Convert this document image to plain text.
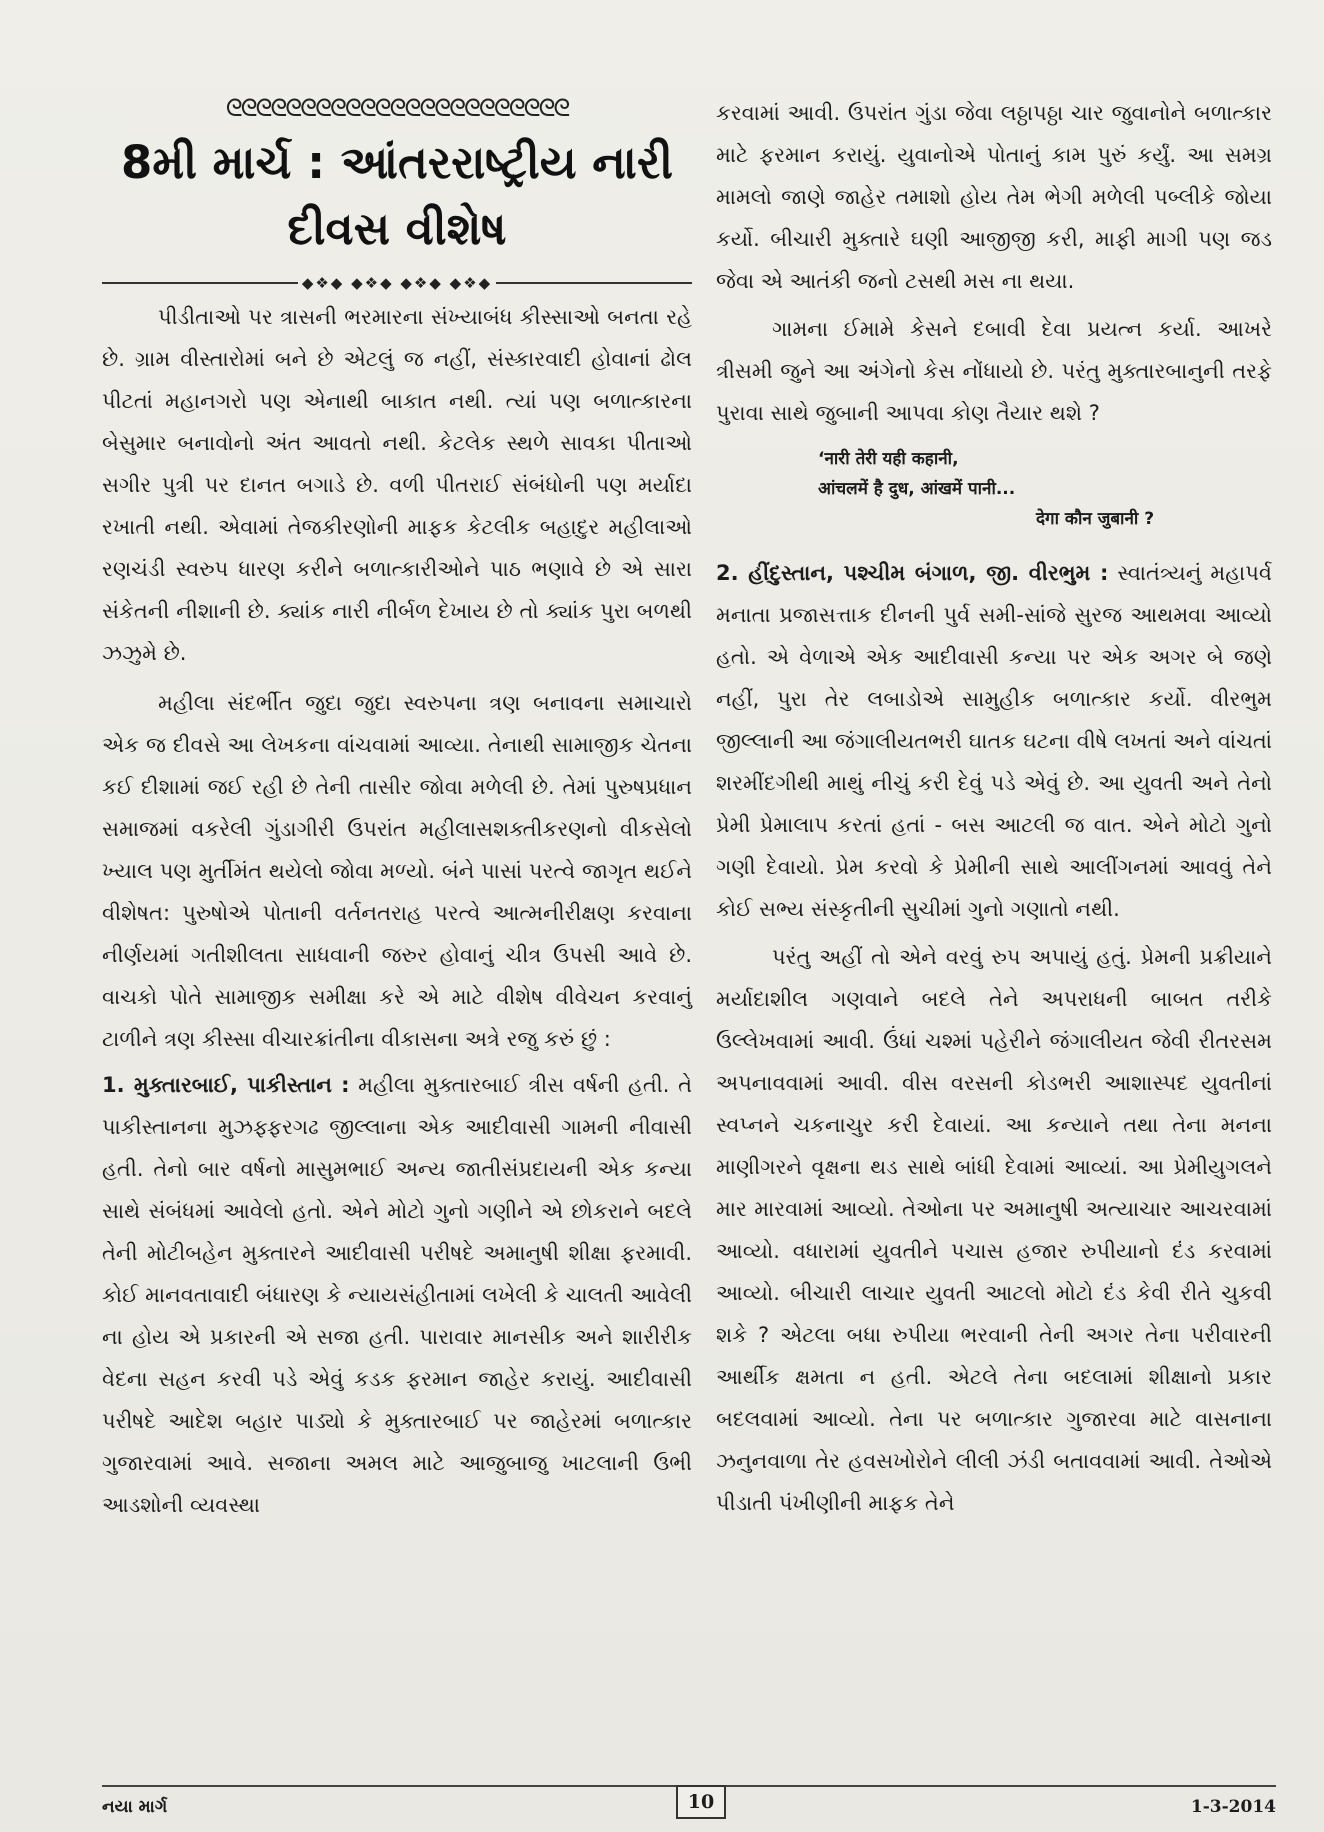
ᘓᘓᘓᘓᘓᘓᘓᘓᘓᘓᘓᘓᘓᘓᘓᘓᘓᘓᘓᘓᘓᘓᘓ
8મી માર્ચ : આંતરરાષ્ટ્રીય નારી
દીવસ વીશેષ
◆❖◆ ◆❖◆ ◆❖◆ ◆❖◆

પીડીતાઓ પર ત્રાસની ભરમારના સંખ્યાબંધ કીસ્સાઓ બનતા રહે છે. ગ્રામ વીસ્તારોમાં બને છે એટલું જ નહીં, સંસ્કારવાદી હોવાનાં ઢોલ પીટતાં મહાનગરો પણ એનાથી બાકાત નથી. ત્યાં પણ બળાત્કારના બેસુમાર બનાવોનો અંત આવતો નથી. કેટલેક સ્થળે સાવકા પીતાઓ સગીર પુત્રી પર દાનત બગાડે છે. વળી પીતરાઈ સંબંધોની પણ મર્યાદા રખાતી નથી. એવામાં તેજકીરણોની માફક કેટલીક બહાદુર મહીલાઓ રણચંડી સ્વરુપ ધારણ કરીને બળાત્કારીઓને પાઠ ભણાવે છે એ સારા સંકેતની નીશાની છે. ક્યાંક નારી નીર્બળ દેખાય છે તો ક્યાંક પુરા બળથી ઝઝુમે છે.

મહીલા સંદર્ભીત જુદા જુદા સ્વરુપના ત્રણ બનાવના સમાચારો એક જ દીવસે આ લેખકના વાંચવામાં આવ્યા. તેનાથી સામાજીક ચેતના કઈ દીશામાં જઈ રહી છે તેની તાસીર જોવા મળેલી છે. તેમાં પુરુષપ્રધાન સમાજમાં વકરેલી ગુંડાગીરી ઉપરાંત મહીલાસશક્તીકરણનો વીકસેલો ખ્યાલ પણ મુર્તીમંત થયેલો જોવા મળ્યો. બંને પાસાં પરત્વે જાગૃત થઈને વીશેષત: પુરુષોએ પોતાની વર્તનતરાહ પરત્વે આત્મનીરીક્ષણ કરવાના નીર્ણયમાં ગતીશીલતા સાધવાની જરુર હોવાનું ચીત્ર ઉપસી આવે છે. વાચકો પોતે સામાજીક સમીક્ષા કરે એ માટે વીશેષ વીવેચન કરવાનું ટાળીને ત્રણ કીસ્સા વીચારક્રાંતીના વીકાસના અત્રે રજુ કરું છું :

1. મુક્તારબાઈ, પાકીસ્તાન : મહીલા મુક્તારબાઈ ત્રીસ વર્ષની હતી. તે પાકીસ્તાનના મુઝફ્ફરગઢ જીલ્લાના એક આદીવાસી ગામની નીવાસી હતી. તેનો બાર વર્ષનો માસુમભાઈ અન્ય જાતીસંપ્રદાયની એક કન્યા સાથે સંબંધમાં આવેલો હતો. એને મોટો ગુનો ગણીને એ છોકરાને બદલે તેની મોટીબહેન મુક્તારને આદીવાસી પરીષદે અમાનુષી શીક્ષા ફરમાવી. કોઈ માનવતાવાદી બંધારણ કે ન્યાયસંહીતામાં લખેલી કે ચાલતી આવેલી ના હોય એ પ્રકારની એ સજા હતી. પારાવાર માનસીક અને શારીરીક વેદના સહન કરવી પડે એવું કડક ફરમાન જાહેર કરાયું. આદીવાસી પરીષદે આદેશ બહાર પાડ્યો કે મુક્તારબાઈ પર જાહેરમાં બળાત્કાર ગુજારવામાં આવે. સજાના અમલ માટે આજુબાજુ ખાટલાની ઉભી આડશોની વ્યવસ્થા

કરવામાં આવી. ઉપરાંત ગુંડા જેવા લઠ્ઠાપઠ્ઠા ચાર જુવાનોને બળાત્કાર માટે ફરમાન કરાયું. યુવાનોએ પોતાનું કામ પુરું કર્યું. આ સમગ્ર મામલો જાણે જાહેર તમાશો હોય તેમ ભેગી મળેલી પબ્લીકે જોયા કર્યો. બીચારી મુક્તારે ઘણી આજીજી કરી, માફી માગી પણ જડ જેવા એ આતંકી જનો ટસથી મસ ના થયા.

ગામના ઈમામે કેસને દબાવી દેવા પ્રયત્ન કર્યા. આખરે ત્રીસમી જુને આ અંગેનો કેસ નોંધાયો છે. પરંતુ મુક્તારબાનુની તરફે પુરાવા સાથે જુબાની આપવા કોણ તૈયાર થશે ?

‘नारी तेरी यही कहानी,
आंचलमें है दुध, आंखमें पानी...
देगा कौन जुबानी ?

2. હીંદુસ્તાન, પશ્ચીમ બંગાળ, જી. વીરભુમ : સ્વાતંત્ર્યનું મહાપર્વ મનાતા પ્રજાસત્તાક દીનની પુર્વ સમી-સાંજે સુરજ આથમવા આવ્યો હતો. એ વેળાએ એક આદીવાસી કન્યા પર એક અગર બે જણે નહીં, પુરા તેર લબાડોએ સામુહીક બળાત્કાર કર્યો. વીરભુમ જીલ્લાની આ જંગાલીયતભરી ઘાતક ઘટના વીષે લખતાં અને વાંચતાં શરમીંદગીથી માથું નીચું કરી દેવું પડે એવું છે. આ યુવતી અને તેનો પ્રેમી પ્રેમાલાપ કરતાં હતાં - બસ આટલી જ વાત. એને મોટો ગુનો ગણી દેવાયો. પ્રેમ કરવો કે પ્રેમીની સાથે આલીંગનમાં આવવું તેને કોઈ સભ્ય સંસ્કૃતીની સુચીમાં ગુનો ગણાતો નથી.

પરંતુ અહીં તો એને વરવું રુપ અપાયું હતું. પ્રેમની પ્રક્રીયાને મર્યાદાશીલ ગણવાને બદલે તેને અપરાધની બાબત તરીકે ઉલ્લેખવામાં આવી. ઉંધાં ચશ્માં પહેરીને જંગાલીયત જેવી રીતરસમ અપનાવવામાં આવી. વીસ વરસની કોડભરી આશાસ્પદ યુવતીનાં સ્વપ્નને ચકનાચુર કરી દેવાયાં. આ કન્યાને તથા તેના મનના માણીગરને વૃક્ષના થડ સાથે બાંધી દેવામાં આવ્યાં. આ પ્રેમીયુગલને માર મારવામાં આવ્યો. તેઓના પર અમાનુષી અત્યાચાર આચરવામાં આવ્યો. વધારામાં યુવતીને પચાસ હજાર રુપીયાનો દંડ કરવામાં આવ્યો. બીચારી લાચાર યુવતી આટલો મોટો દંડ કેવી રીતે ચુકવી શકે ? એટલા બધા રુપીયા ભરવાની તેની અગર તેના પરીવારની આર્થીક ક્ષમતા ન હતી. એટલે તેના બદલામાં શીક્ષાનો પ્રકાર બદલવામાં આવ્યો. તેના પર બળાત્કાર ગુજારવા માટે વાસનાના ઝનુનવાળા તેર હવસખોરોને લીલી ઝંડી બતાવવામાં આવી. તેઓએ પીડાતી પંખીણીની માફક તેને

નયા માર્ગ	10	1-3-2014
